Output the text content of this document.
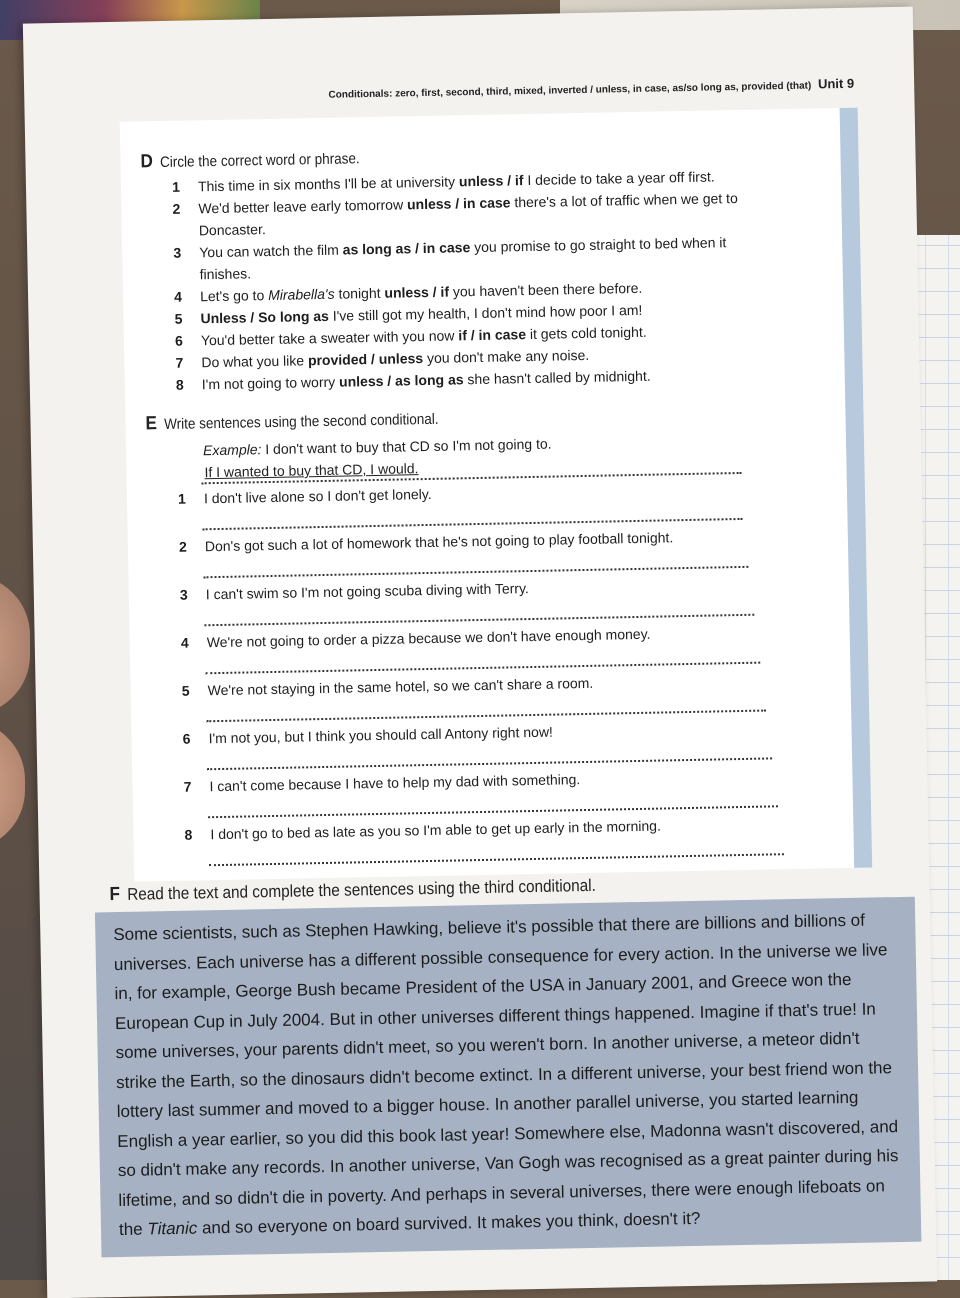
Conditionals: zero, first, second, third, mixed, inverted / unless, in case, as/so long as, provided (that) Unit 9
D Circle the correct word or phrase.
1	This time in six months I'll be at university unless / if I decide to take a year off first.
2	We'd better leave early tomorrow unless / in case there's a lot of traffic when we get to
Doncaster.
3	You can watch the film as long as / in case you promise to go straight to bed when it
finishes.
4	Let's go to Mirabella's tonight unless / if you haven't been there before.
5	Unless / So long as I've still got my health, I don't mind how poor I am!
6	You'd better take a sweater with you now if / in case it gets cold tonight.
7	Do what you like provided / unless you don't make any noise.
8	I'm not going to worry unless / as long as she hasn't called by midnight.
E Write sentences using the second conditional.
Example: I don't want to buy that CD so I'm not going to.
If I wanted to buy that CD, I would.
1	I don't live alone so I don't get lonely.
2	Don's got such a lot of homework that he's not going to play football tonight.
3	I can't swim so I'm not going scuba diving with Terry.
4	We're not going to order a pizza because we don't have enough money.
5	We're not staying in the same hotel, so we can't share a room.
6	I'm not you, but I think you should call Antony right now!
7	I can't come because I have to help my dad with something.
8	I don't go to bed as late as you so I'm able to get up early in the morning.
F Read the text and complete the sentences using the third conditional.

Some scientists, such as Stephen Hawking, believe it's possible that there are billions and billions of universes. Each universe has a different possible consequence for every action. In the universe we live in, for example, George Bush became President of the USA in January 2001, and Greece won the European Cup in July 2004. But in other universes different things happened. Imagine if that's true! In some universes, your parents didn't meet, so you weren't born. In another universe, a meteor didn't strike the Earth, so the dinosaurs didn't become extinct. In a different universe, your best friend won the lottery last summer and moved to a bigger house. In another parallel universe, you started learning English a year earlier, so you did this book last year! Somewhere else, Madonna wasn't discovered, and so didn't make any records. In another universe, Van Gogh was recognised as a great painter during his lifetime, and so didn't die in poverty. And perhaps in several universes, there were enough lifeboats on the Titanic and so everyone on board survived. It makes you think, doesn't it?
